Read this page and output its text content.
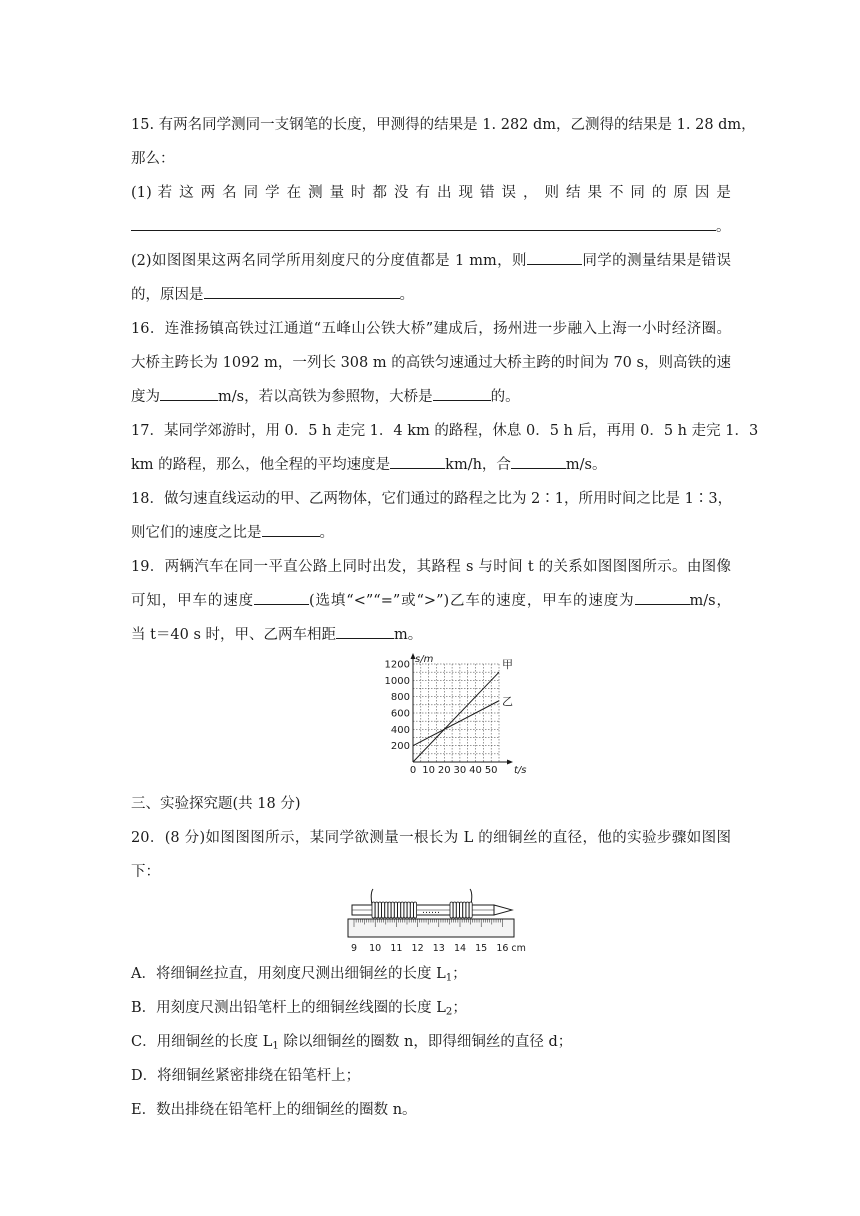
15. 有两名同学测同一支钢笔的长度，甲测得的结果是 1. 282 dm，乙测得的结果是 1. 28 dm，
那么：
(1) 若 这 两 名 同 学 在 测 量 时 都 没 有 出 现 错 误 ， 则 结 果 不 同 的 原 因 是
。
(2)如图图果这两名同学所用刻度尺的分度值都是 1 mm，则	同学的测量结果是错误
的，原因是	。
16．连淮扬镇高铁过江通道“五峰山公铁大桥”建成后，扬州进一步融入上海一小时经济圈。
大桥主跨长为 1092 m，一列长 308 m 的高铁匀速通过大桥主跨的时间为 70 s，则高铁的速
度为	m/s，若以高铁为参照物，大桥是	的。
17．某同学郊游时，用 0．5 h 走完 1．4 km 的路程，休息 0．5 h 后，再用 0．5 h 走完 1．3
km 的路程，那么，他全程的平均速度是	km/h，合	m/s。
18．做匀速直线运动的甲、乙两物体，它们通过的路程之比为 2∶1，所用时间之比是 1∶3，
则它们的速度之比是	。
19．两辆汽车在同一平直公路上同时出发，其路程 s 与时间 t 的关系如图图图所示。由图像
可知，甲车的速度	(选填“<”“=”或“>”)乙车的速度，甲车的速度为	m/s，
当 t＝40 s 时，甲、乙两车相距	m。
0 10 20 30 40 50
200
400
600
800
1000
1200
t/s
s/m	甲
乙
三、实验探究题(共 18 分)
20．(8 分)如图图图所示，某同学欲测量一根长为 L 的细铜丝的直径，他的实验步骤如图图
下：
……
9 10 11 12 13 14 15 16 cm
A．将细铜丝拉直，用刻度尺测出细铜丝的长度 $L_1$；
B．用刻度尺测出铅笔杆上的细铜丝线圈的长度 $L_2$；
C．用细铜丝的长度 $L_1$ 除以细铜丝的圈数 n，即得细铜丝的直径 d；
D．将细铜丝紧密排绕在铅笔杆上；
E．数出排绕在铅笔杆上的细铜丝的圈数 n。
